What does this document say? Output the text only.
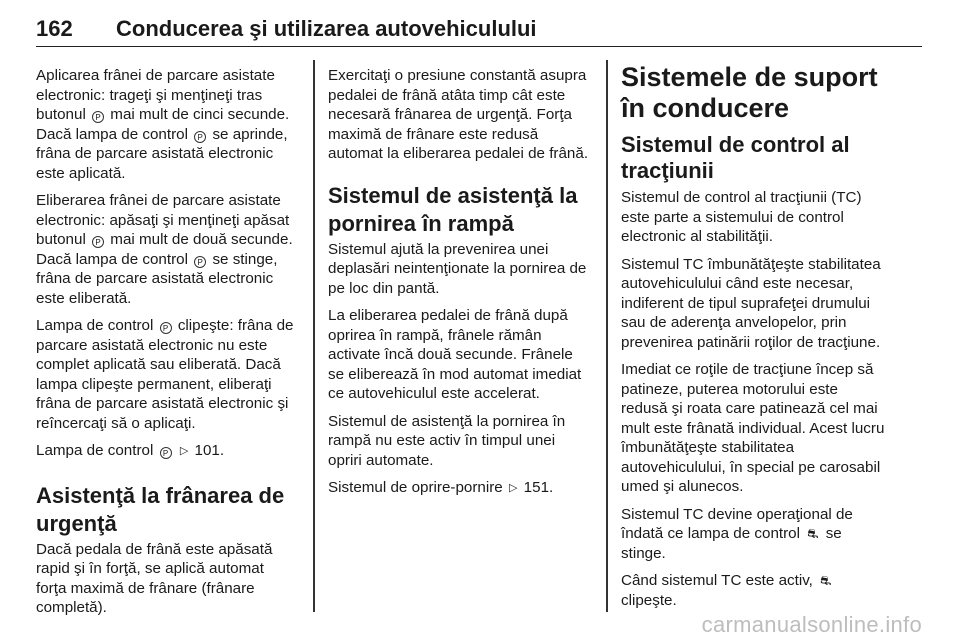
162	Conducerea şi utilizarea autovehiculului

Aplicarea frânei de parcare asistate electronic: trageţi şi menţineţi tras butonul P mai mult de cinci secunde. Dacă lampa de control P se aprinde, frâna de parcare asistată electronic este aplicată.

Eliberarea frânei de parcare asistate electronic: apăsaţi şi menţineţi apăsat butonul P mai mult de două secunde. Dacă lampa de control P se stinge, frâna de parcare asistată electronic este eliberată.

Lampa de control P clipeşte: frâna de parcare asistată electronic nu este complet aplicată sau eliberată. Dacă lampa clipeşte permanent, eliberaţi frâna de parcare asistată electronic şi reîncercaţi să o aplicaţi.

Lampa de control P ▷ 101.

Asistenţă la frânarea de urgenţă

Dacă pedala de frână este apăsată rapid şi în forţă, se aplică automat forţa maximă de frânare (frânare completă).

Exercitaţi o presiune constantă asupra pedalei de frână atâta timp cât este necesară frânarea de urgenţă. Forţa maximă de frânare este redusă automat la eliberarea pedalei de frână.

Sistemul de asistenţă la pornirea în rampă

Sistemul ajută la prevenirea unei deplasări neintenţionate la pornirea de pe loc din pantă.

La eliberarea pedalei de frână după oprirea în rampă, frânele rămân activate încă două secunde. Frânele se eliberează în mod automat imediat ce autovehiculul este accelerat.

Sistemul de asistenţă la pornirea în rampă nu este activ în timpul unei opriri automate.

Sistemul de oprire-pornire ▷ 151.

Sistemele de suport în conducere
Sistemul de control al tracţiunii

Sistemul de control al tracţiunii (TC) este parte a sistemului de control electronic al stabilităţii.

Sistemul TC îmbunătăţeşte stabilitatea autovehiculului când este necesar, indiferent de tipul suprafeţei drumului sau de aderenţa anvelopelor, prin prevenirea patinării roţilor de tracţiune.

Imediat ce roţile de tracţiune încep să patineze, puterea motorului este redusă şi roata care patinează cel mai mult este frânată individual. Acest lucru îmbunătăţeşte stabilitatea autovehiculului, în special pe carosabil umed şi alunecos.

Sistemul TC devine operaţional de îndată ce lampa de control ⛐ se stinge.

Când sistemul TC este activ, ⛐ clipeşte.

carmanualsonline.info
